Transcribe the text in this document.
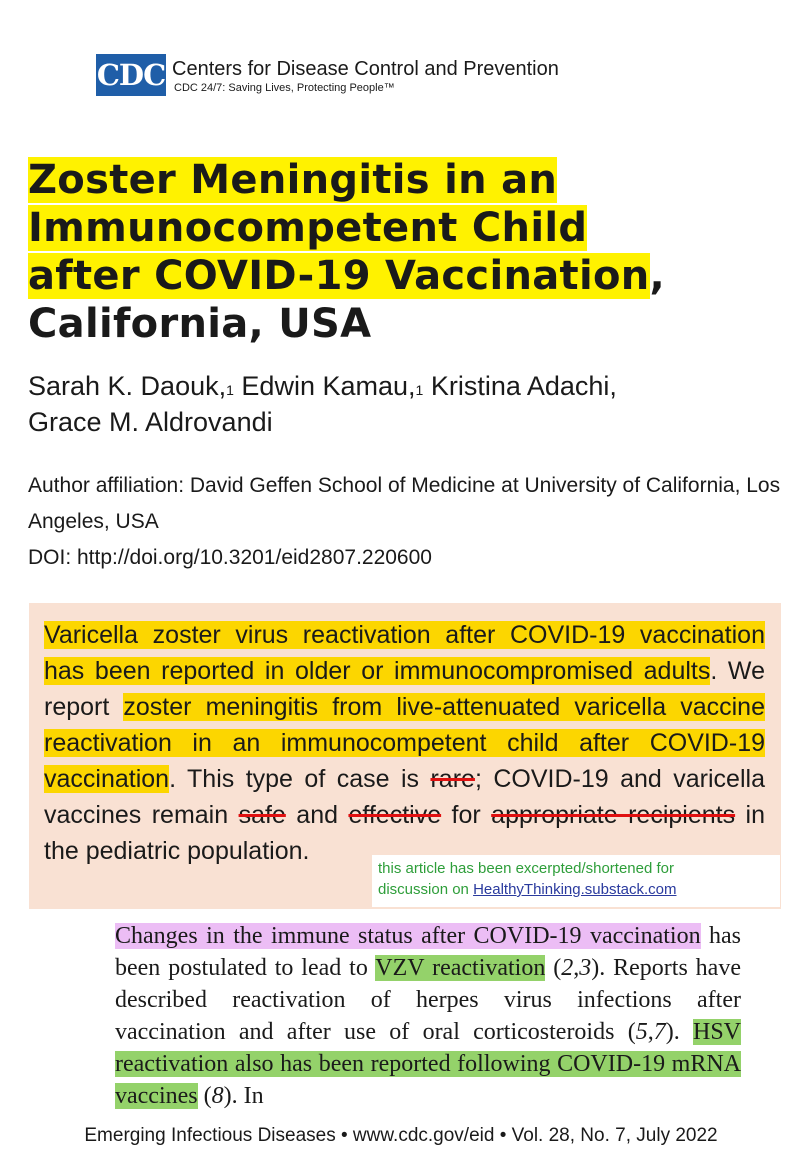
CDC Centers for Disease Control and Prevention
CDC 24/7: Saving Lives, Protecting People™
Zoster Meningitis in an
Immunocompetent Child
after COVID-19 Vaccination,
California, USA
Sarah K. Daouk,$^1$ Edwin Kamau,$^1$ Kristina Adachi,
Grace M. Aldrovandi
Author affiliation: David Geffen School of Medicine at University of California, Los Angeles, USA
DOI: http://doi.org/10.3201/eid2807.220600
Varicella zoster virus reactivation after COVID-19 vaccination has been reported in older or immunocompromised adults. We report zoster meningitis from live-attenuated varicella vaccine reactivation in an immunocompetent child after COVID-19 vaccination. This type of case is rare; COVID-19 and varicella vaccines remain safe and effective for appropriate recipients in the pediatric population.
this article has been excerpted/shortened for
discussion on HealthyThinking.substack.com
Changes in the immune status after COVID-19 vaccination has been postulated to lead to VZV reactivation (2,3). Reports have described reactivation of herpes virus infections after vaccination and after use of oral corticosteroids (5,7). HSV reactivation also has been reported following COVID-19 mRNA vaccines (8). In
Emerging Infectious Diseases • www.cdc.gov/eid • Vol. 28, No. 7, July 2022
